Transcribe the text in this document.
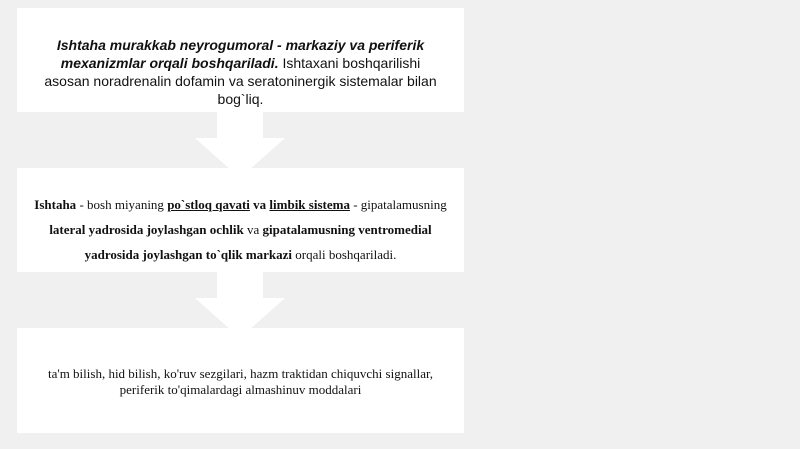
Ishtaha murakkab neyrogumoral - markaziy va periferik mexanizmlar orqali boshqariladi. Ishtaxani boshqarilishi asosan noradrenalin dofamin va seratoninergik sistemalar bilan bog`liq.
Ishtaha - bosh miyaning po`stloq qavati va limbik sistema - gipatalamusning lateral yadrosida joylashgan ochlik va gipatalamusning ventromedial yadrosida joylashgan to`qlik markazi orqali boshqariladi.
ta'm bilish, hid bilish, ko'ruv sezgilari, hazm traktidan chiquvchi signallar,
periferik to'qimalardagi almashinuv moddalari
